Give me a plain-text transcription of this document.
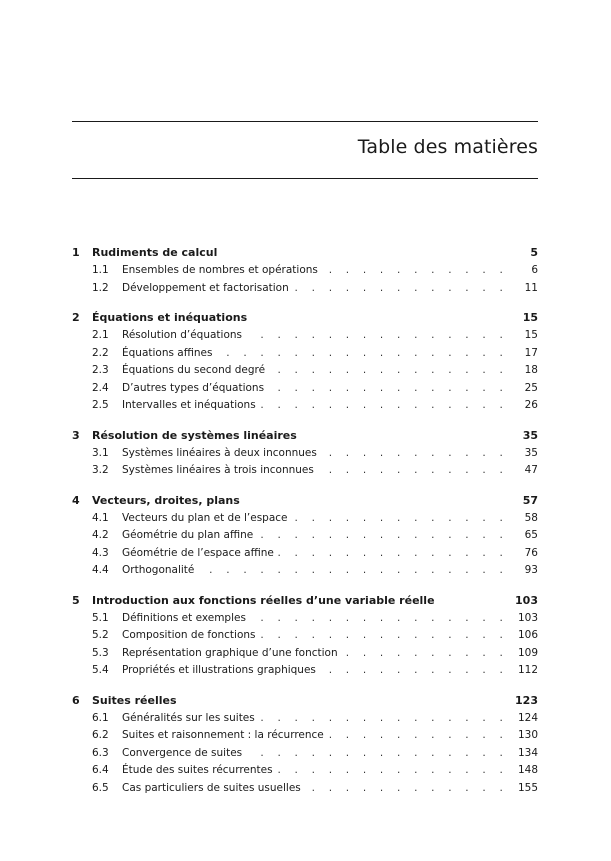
Table des matières
1	Rudiments de calcul	5
1.1	Ensembles de nombres et opérations . . .	6
1.2	Développement et factorisation . . .	11
2	Équations et inéquations	15
2.1	Résolution d’équations . . .	15
2.2	Équations affines . . .	17
2.3	Équations du second degré . . .	18
2.4	D’autres types d’équations . . .	25
2.5	Intervalles et inéquations . . .	26
3	Résolution de systèmes linéaires	35
3.1	Systèmes linéaires à deux inconnues . . .	35
3.2	Systèmes linéaires à trois inconnues . . .	47
4	Vecteurs, droites, plans	57
4.1	Vecteurs du plan et de l’espace . . .	58
4.2	Géométrie du plan affine . . .	65
4.3	Géométrie de l’espace affine . . .	76
4.4	Orthogonalité . . .	93
5	Introduction aux fonctions réelles d’une variable réelle	103
5.1	Définitions et exemples . . .	103
5.2	Composition de fonctions . . .	106
5.3	Représentation graphique d’une fonction . . .	109
5.4	Propriétés et illustrations graphiques . . .	112
6	Suites réelles	123
6.1	Généralités sur les suites . . .	124
6.2	Suites et raisonnement : la récurrence . . .	130
6.3	Convergence de suites . . .	134
6.4	Étude des suites récurrentes . . .	148
6.5	Cas particuliers de suites usuelles . . .	155
